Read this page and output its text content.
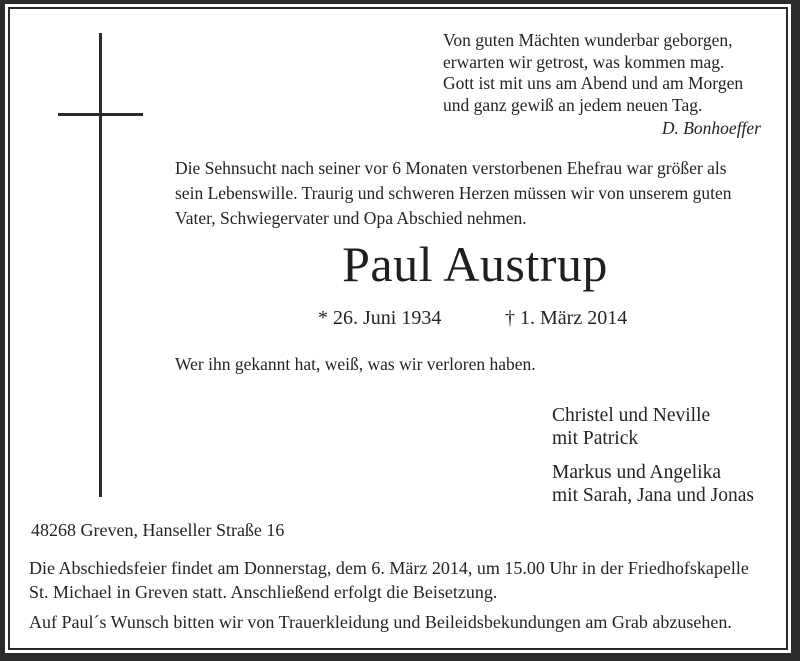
Von guten Mächten wunderbar geborgen,
erwarten wir getrost, was kommen mag.
Gott ist mit uns am Abend und am Morgen
und ganz gewiß an jedem neuen Tag.
D. Bonhoeffer
Die Sehnsucht nach seiner vor 6 Monaten verstorbenen Ehefrau war größer als
sein Lebenswille. Traurig und schweren Herzen müssen wir von unserem guten
Vater, Schwiegervater und Opa Abschied nehmen.
Paul Austrup
* 26. Juni 1934	† 1. März 2014
Wer ihn gekannt hat, weiß, was wir verloren haben.
Christel und Neville
mit Patrick
Markus und Angelika
mit Sarah, Jana und Jonas
48268 Greven, Hanseller Straße 16
Die Abschiedsfeier findet am Donnerstag, dem 6. März 2014, um 15.00 Uhr in der Friedhofskapelle
St. Michael in Greven statt. Anschließend erfolgt die Beisetzung.
Auf Paul´s Wunsch bitten wir von Trauerkleidung und Beileidsbekundungen am Grab abzusehen.
